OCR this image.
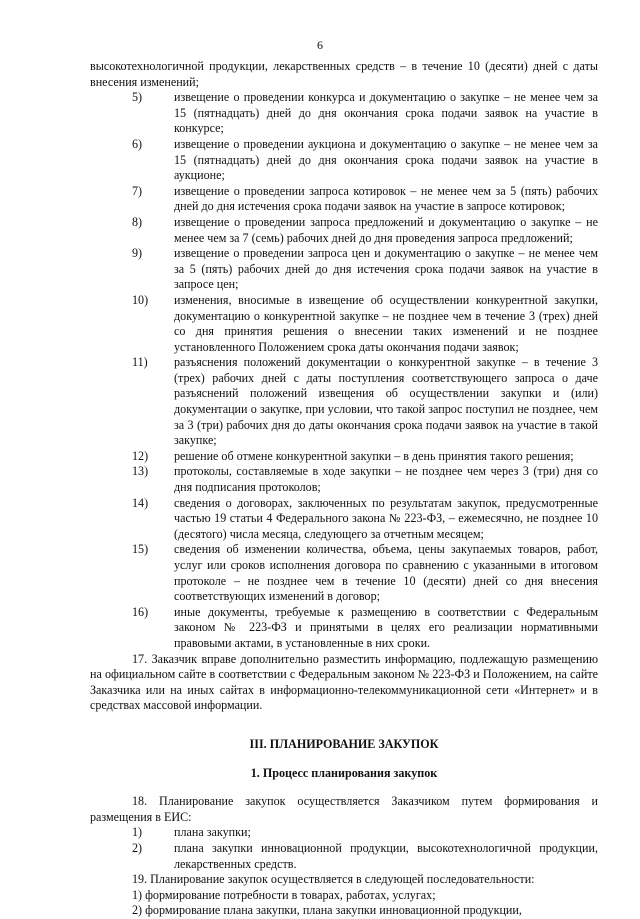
6

высокотехнологичной продукции, лекарственных средств – в течение 10 (десяти) дней с даты внесения изменений;

5)	извещение о проведении конкурса и документацию о закупке – не менее чем за 15 (пятнадцать) дней до дня окончания срока подачи заявок на участие в конкурсе;

6)	извещение о проведении аукциона и документацию о закупке – не менее чем за 15 (пятнадцать) дней до дня окончания срока подачи заявок на участие в аукционе;

7)	извещение о проведении запроса котировок – не менее чем за 5 (пять) рабочих дней до дня истечения срока подачи заявок на участие в запросе котировок;

8)	извещение о проведении запроса предложений и документацию о закупке – не менее чем за 7 (семь) рабочих дней до дня проведения запроса предложений;

9)	извещение о проведении запроса цен и документацию о закупке – не менее чем за 5 (пять) рабочих дней до дня истечения срока подачи заявок на участие в запросе цен;

10)	изменения, вносимые в извещение об осуществлении конкурентной закупки, документацию о конкурентной закупке – не позднее чем в течение 3 (трех) дней со дня принятия решения о внесении таких изменений и не позднее установленного Положением срока даты окончания подачи заявок;

11)	разъяснения положений документации о конкурентной закупке – в течение 3 (трех) рабочих дней с даты поступления соответствующего запроса о даче разъяснений положений извещения об осуществлении закупки и (или) документации о закупке, при условии, что такой запрос поступил не позднее, чем за 3 (три) рабочих дня до даты окончания срока подачи заявок на участие в такой закупке;

12)	решение об отмене конкурентной закупки – в день принятия такого решения;

13)	протоколы, составляемые в ходе закупки – не позднее чем через 3 (три) дня со дня подписания протоколов;

14)	сведения о договорах, заключенных по результатам закупок, предусмотренные частью 19 статьи 4 Федерального закона № 223-ФЗ, – ежемесячно, не позднее 10 (десятого) числа месяца, следующего за отчетным месяцем;

15)	сведения об изменении количества, объема, цены закупаемых товаров, работ, услуг или сроков исполнения договора по сравнению с указанными в итоговом протоколе – не позднее чем в течение 10 (десяти) дней со дня внесения соответствующих изменений в договор;

16)	иные документы, требуемые к размещению в соответствии с Федеральным законом № 223-ФЗ и принятыми в целях его реализации нормативными правовыми актами, в установленные в них сроки.

17. Заказчик вправе дополнительно разместить информацию, подлежащую размещению на официальном сайте в соответствии с Федеральным законом № 223-ФЗ и Положением, на сайте Заказчика или на иных сайтах в информационно-телекоммуникационной сети «Интернет» и в средствах массовой информации.

III. ПЛАНИРОВАНИЕ ЗАКУПОК

1. Процесс планирования закупок

18. Планирование закупок осуществляется Заказчиком путем формирования и размещения в ЕИС:

1)	плана закупки;

2)	плана закупки инновационной продукции, высокотехнологичной продукции, лекарственных средств.

19. Планирование закупок осуществляется в следующей последовательности:

1) формирование потребности в товарах, работах, услугах;

2) формирование плана закупки, плана закупки инновационной продукции,
